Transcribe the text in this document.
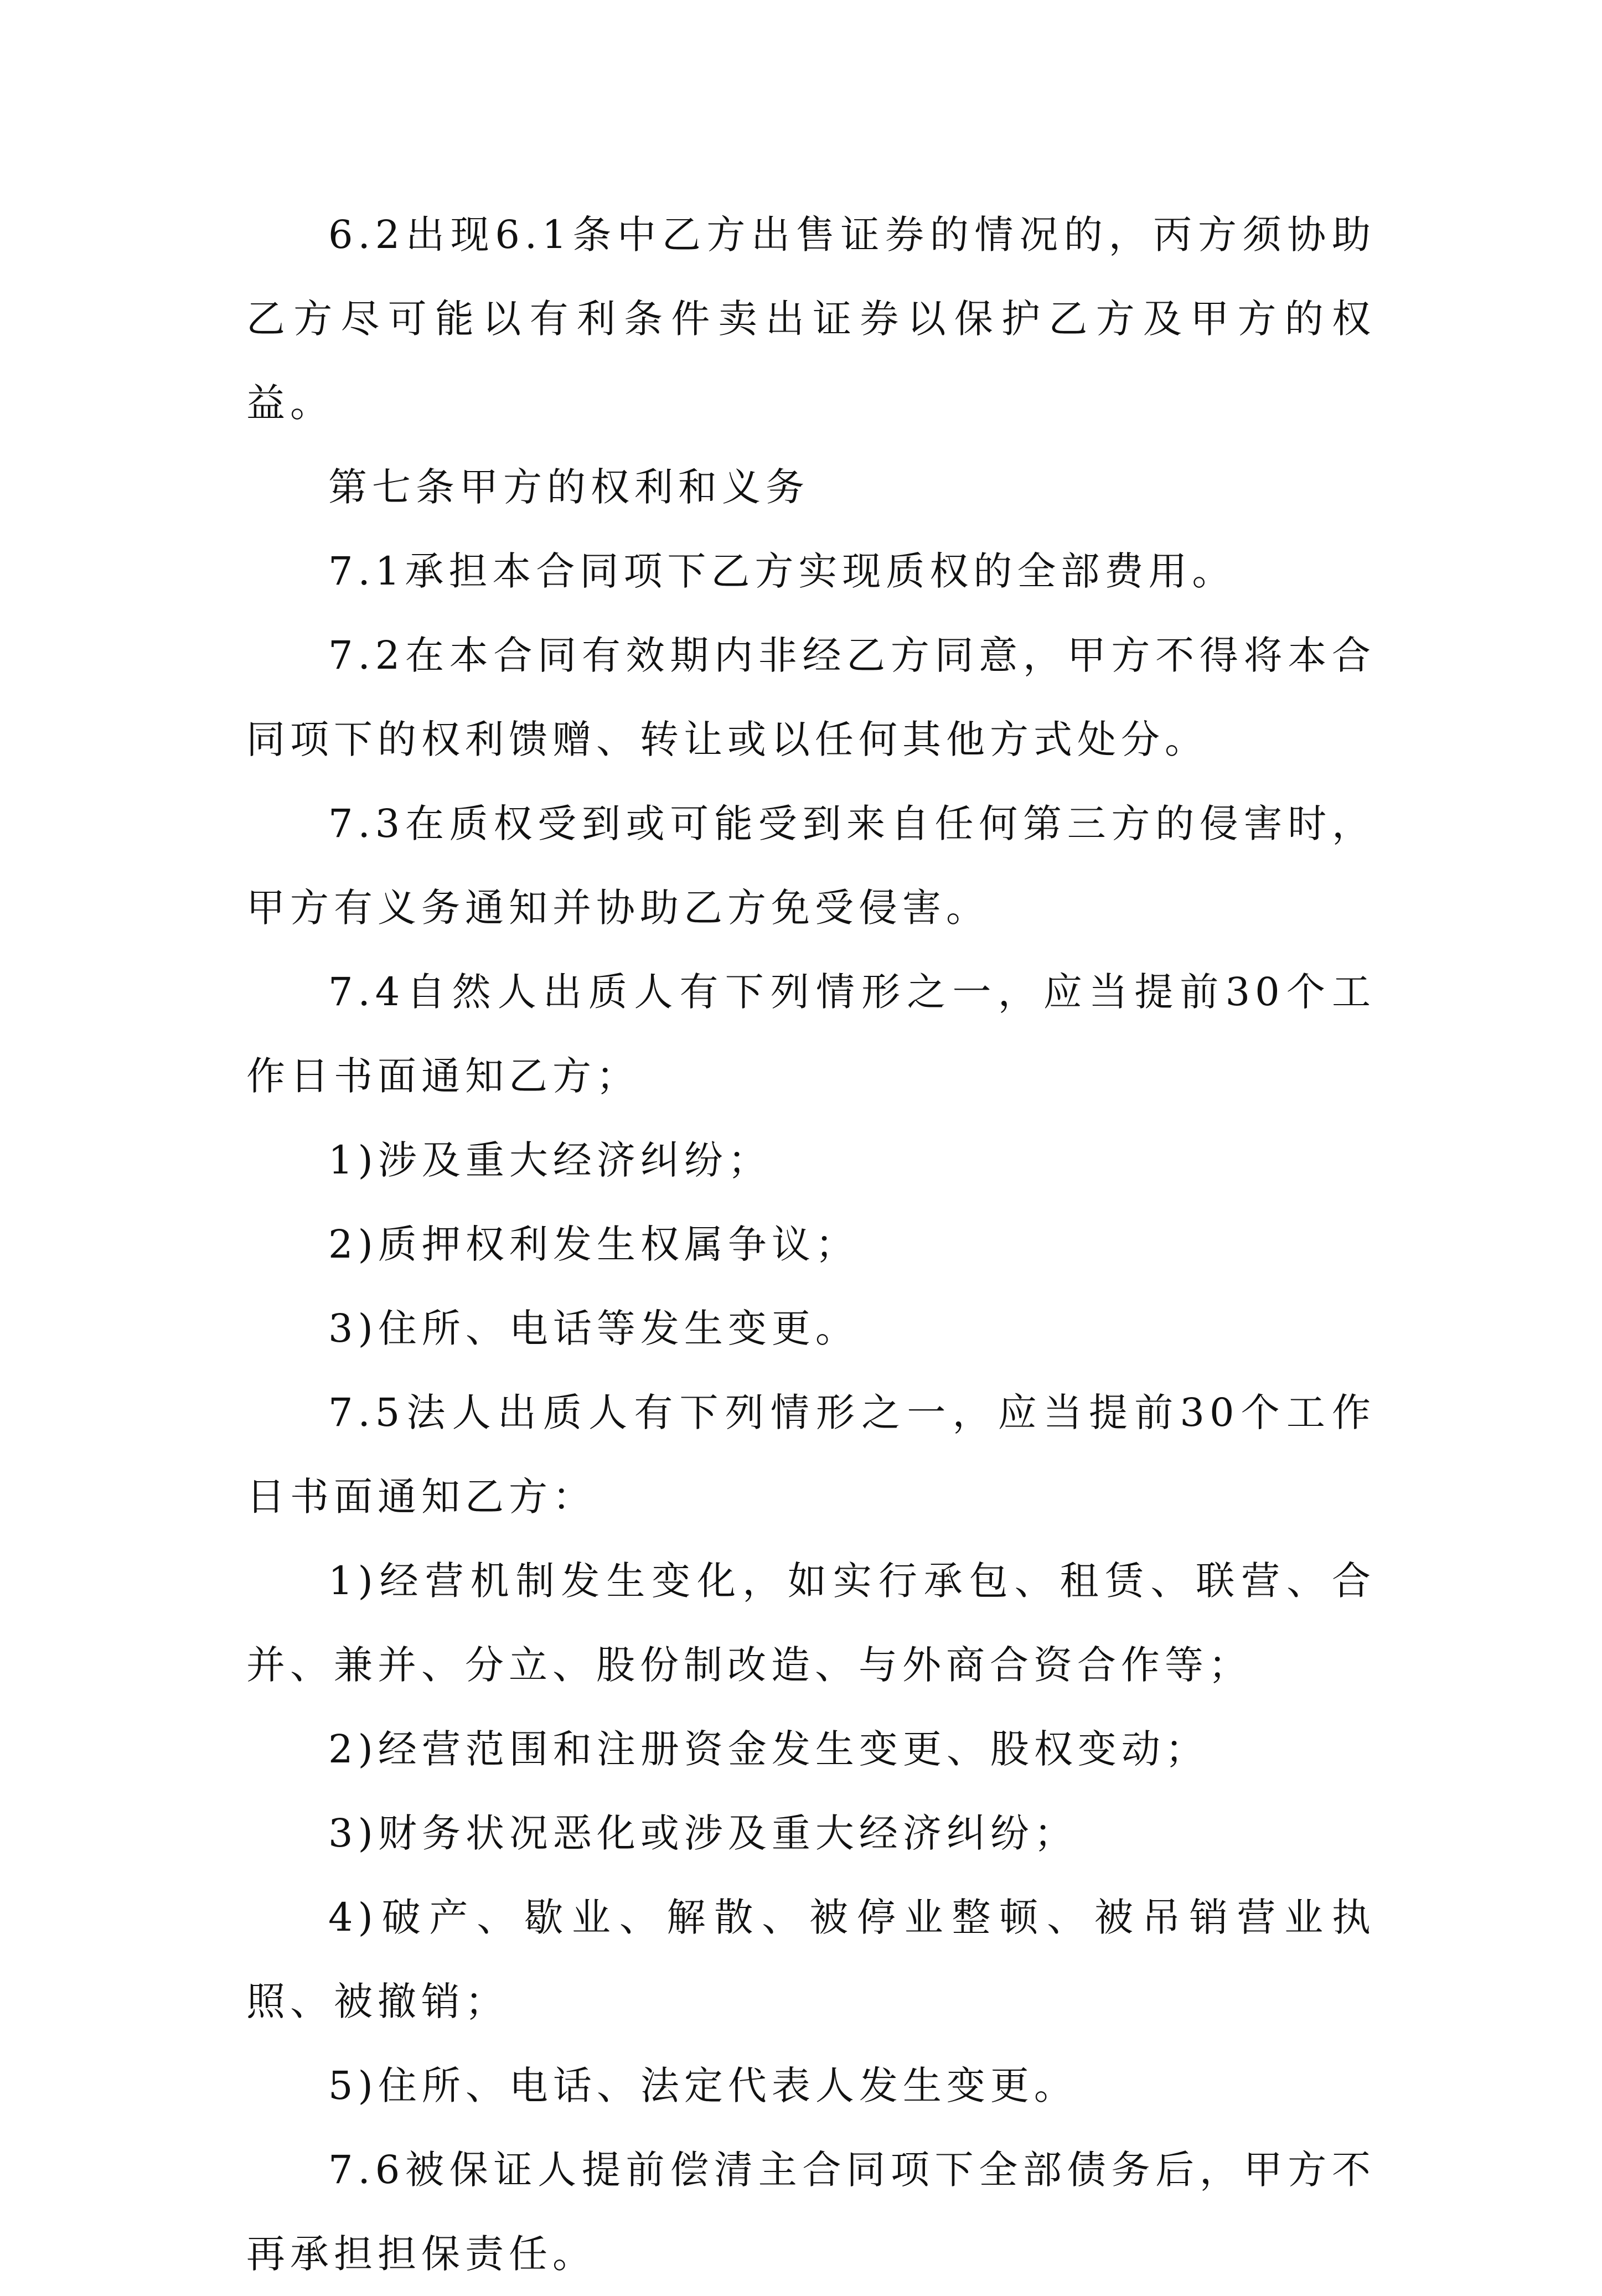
6.2出现6.1条中乙方出售证券的情况的，丙方须协助乙方尽可能以有利条件卖出证券以保护乙方及甲方的权益。

第七条甲方的权利和义务

7.1承担本合同项下乙方实现质权的全部费用。

7.2在本合同有效期内非经乙方同意，甲方不得将本合同项下的权利馈赠、转让或以任何其他方式处分。

7.3在质权受到或可能受到来自任何第三方的侵害时，甲方有义务通知并协助乙方免受侵害。

7.4自然人出质人有下列情形之一，应当提前30个工作日书面通知乙方；

1)涉及重大经济纠纷；

2)质押权利发生权属争议；

3)住所、电话等发生变更。

7.5法人出质人有下列情形之一，应当提前30个工作日书面通知乙方：

1)经营机制发生变化，如实行承包、租赁、联营、合并、兼并、分立、股份制改造、与外商合资合作等；

2)经营范围和注册资金发生变更、股权变动；

3)财务状况恶化或涉及重大经济纠纷；

4)破产、歇业、解散、被停业整顿、被吊销营业执照、被撤销；

5)住所、电话、法定代表人发生变更。

7.6被保证人提前偿清主合同项下全部债务后，甲方不再承担担保责任。
